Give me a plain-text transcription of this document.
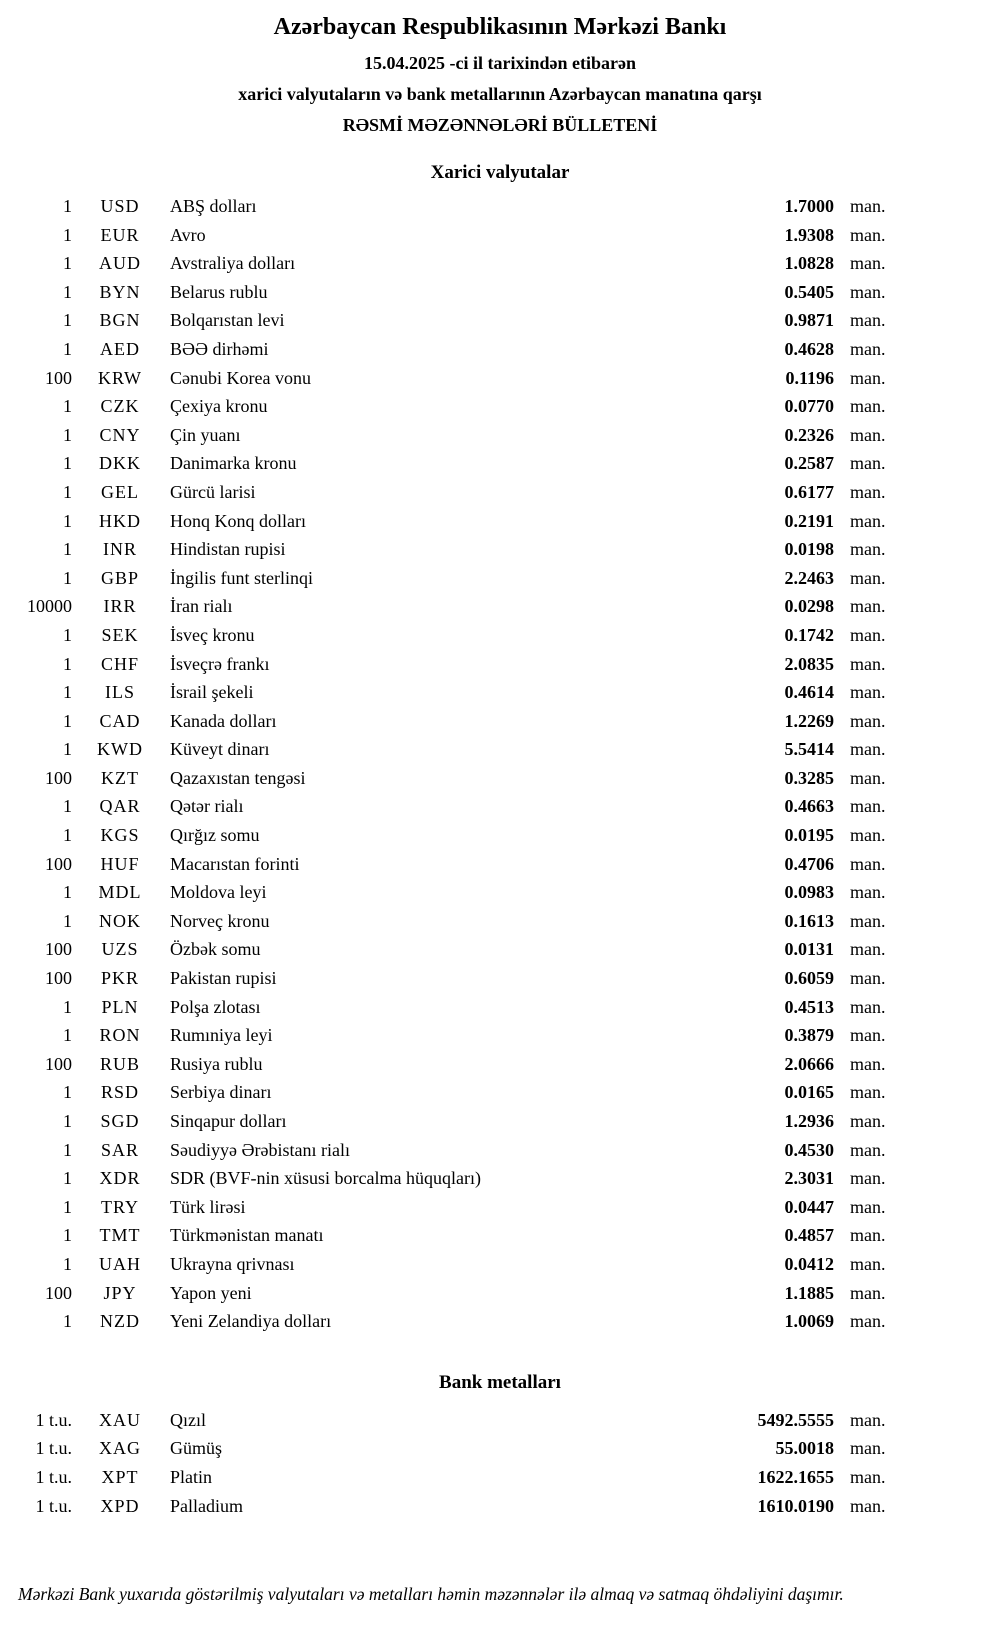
Azərbaycan Respublikasının Mərkəzi Bankı
15.04.2025 -ci il tarixindən etibarən
xarici valyutaların və bank metallarının Azərbaycan manatına qarşı
RƏSMİ MƏZƏNNƏLƏRİ BÜLLETENİ
Xarici valyutalar
1	USD	ABŞ dolları	1.7000 man.
1	EUR	Avro	1.9308 man.
1	AUD	Avstraliya dolları	1.0828 man.
1	BYN	Belarus rublu	0.5405 man.
1	BGN	Bolqarıstan levi	0.9871 man.
1	AED	BƏƏ dirhəmi	0.4628 man.
100	KRW	Cənubi Korea vonu	0.1196 man.
1	CZK	Çexiya kronu	0.0770 man.
1	CNY	Çin yuanı	0.2326 man.
1	DKK	Danimarka kronu	0.2587 man.
1	GEL	Gürcü larisi	0.6177 man.
1	HKD	Honq Konq dolları	0.2191 man.
1	INR	Hindistan rupisi	0.0198 man.
1	GBP	İngilis funt sterlinqi	2.2463 man.
10000	IRR	İran rialı	0.0298 man.
1	SEK	İsveç kronu	0.1742 man.
1	CHF	İsveçrə frankı	2.0835 man.
1	ILS	İsrail şekeli	0.4614 man.
1	CAD	Kanada dolları	1.2269 man.
1	KWD	Küveyt dinarı	5.5414 man.
100	KZT	Qazaxıstan tengəsi	0.3285 man.
1	QAR	Qətər rialı	0.4663 man.
1	KGS	Qırğız somu	0.0195 man.
100	HUF	Macarıstan forinti	0.4706 man.
1	MDL	Moldova leyi	0.0983 man.
1	NOK	Norveç kronu	0.1613 man.
100	UZS	Özbək somu	0.0131 man.
100	PKR	Pakistan rupisi	0.6059 man.
1	PLN	Polşa zlotası	0.4513 man.
1	RON	Rumıniya leyi	0.3879 man.
100	RUB	Rusiya rublu	2.0666 man.
1	RSD	Serbiya dinarı	0.0165 man.
1	SGD	Sinqapur dolları	1.2936 man.
1	SAR	Səudiyyə Ərəbistanı rialı	0.4530 man.
1	XDR	SDR (BVF-nin xüsusi borcalma hüquqları)	2.3031 man.
1	TRY	Türk lirəsi	0.0447 man.
1	TMT	Türkmənistan manatı	0.4857 man.
1	UAH	Ukrayna qrivnası	0.0412 man.
100	JPY	Yapon yeni	1.1885 man.
1	NZD	Yeni Zelandiya dolları	1.0069 man.
Bank metalları
1 t.u.	XAU	Qızıl	5492.5555 man.
1 t.u.	XAG	Gümüş	55.0018 man.
1 t.u.	XPT	Platin	1622.1655 man.
1 t.u.	XPD	Palladium	1610.0190 man.
Mərkəzi Bank yuxarıda göstərilmiş valyutaları və metalları həmin məzənnələr ilə almaq və satmaq öhdəliyini daşımır.
